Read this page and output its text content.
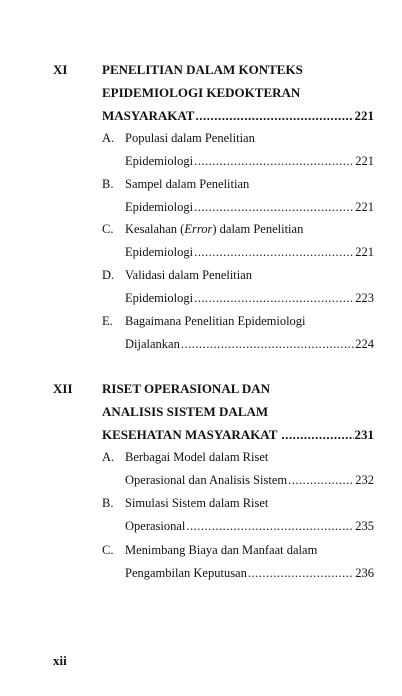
XI	PENELITIAN DALAM KONTEKS
EPIDEMIOLOGI KEDOKTERAN
MASYARAKAT .....	221
A. Populasi dalam Penelitian
Epidemiologi .....	221
B. Sampel dalam Penelitian
Epidemiologi .....	221
C. Kesalahan (Error) dalam Penelitian
Epidemiologi .....	221
D. Validasi dalam Penelitian
Epidemiologi .....	223
E. Bagaimana Penelitian Epidemiologi
Dijalankan .....	224
XII RISET OPERASIONAL DAN
ANALISIS SISTEM DALAM
KESEHATAN MASYARAKAT .....	231
A. Berbagai Model dalam Riset
Operasional dan Analisis Sistem .....	232
B. Simulasi Sistem dalam Riset
Operasional .....	235
C. Menimbang Biaya dan Manfaat dalam
Pengambilan Keputusan .....	236
xii
